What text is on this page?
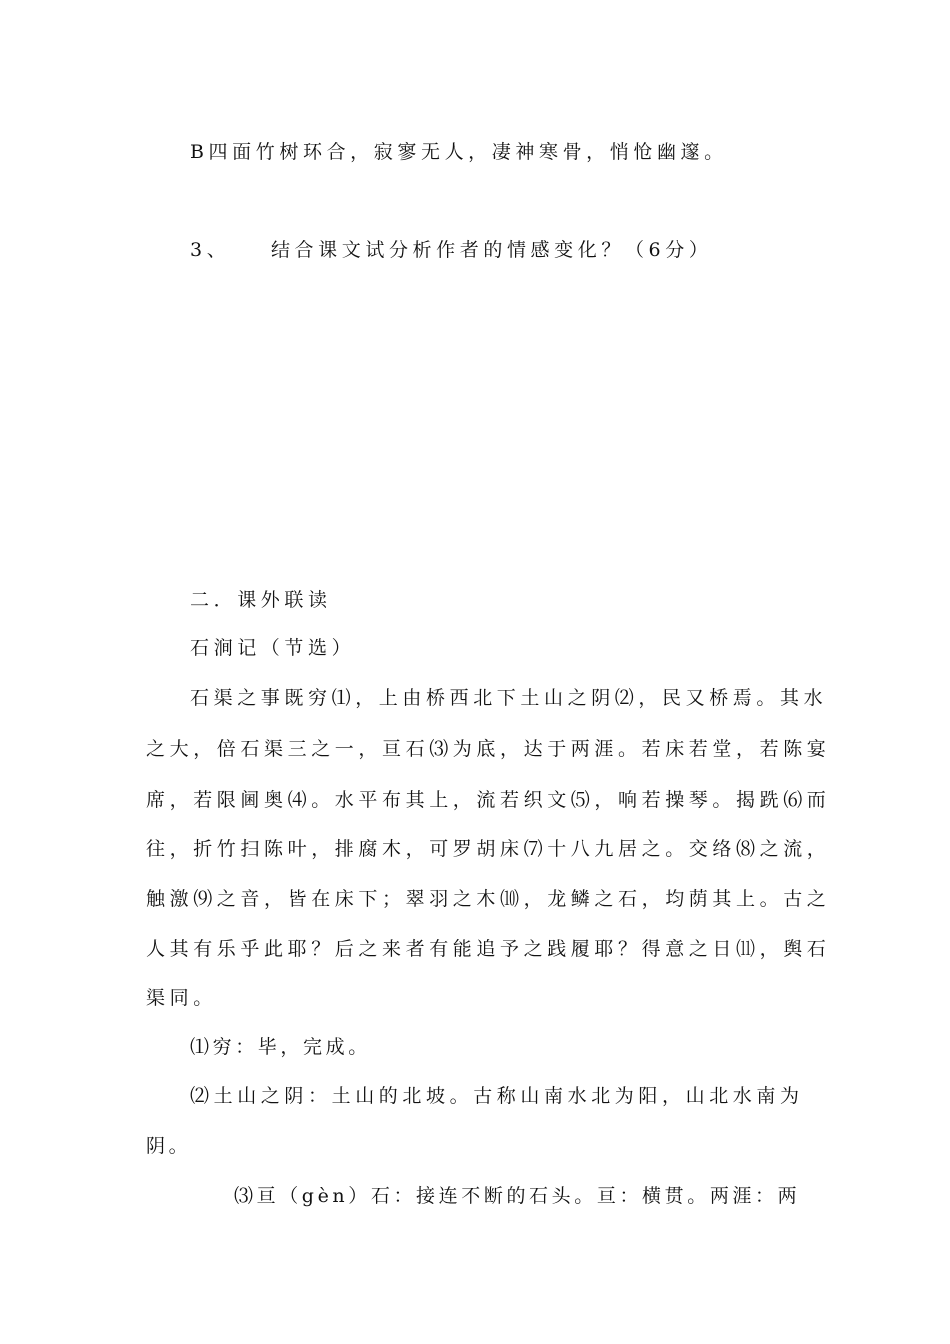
B四面竹树环合，寂寥无人，凄神寒骨，悄怆幽邃。
3、 结合课文试分析作者的情感变化？（6分）
二．课外联读
石涧记（节选）
石渠之事既穷⑴，上由桥西北下土山之阴⑵，民又桥焉。其水
之大，倍石渠三之一，亘石⑶为底，达于两涯。若床若堂，若陈宴
席，若限阃奥⑷。水平布其上，流若织文⑸，响若操琴。揭跣⑹而
往，折竹扫陈叶，排腐木，可罗胡床⑺十八九居之。交络⑻之流，
触激⑼之音，皆在床下；翠羽之木⑽，龙鳞之石，均荫其上。古之
人其有乐乎此耶？后之来者有能追予之践履耶？得意之日⑾，舆石
渠同。
⑴穷：毕，完成。
⑵土山之阴：土山的北坡。古称山南水北为阳，山北水南为
阴。
⑶亘（gèn）石：接连不断的石头。亘：横贯。两涯：两
